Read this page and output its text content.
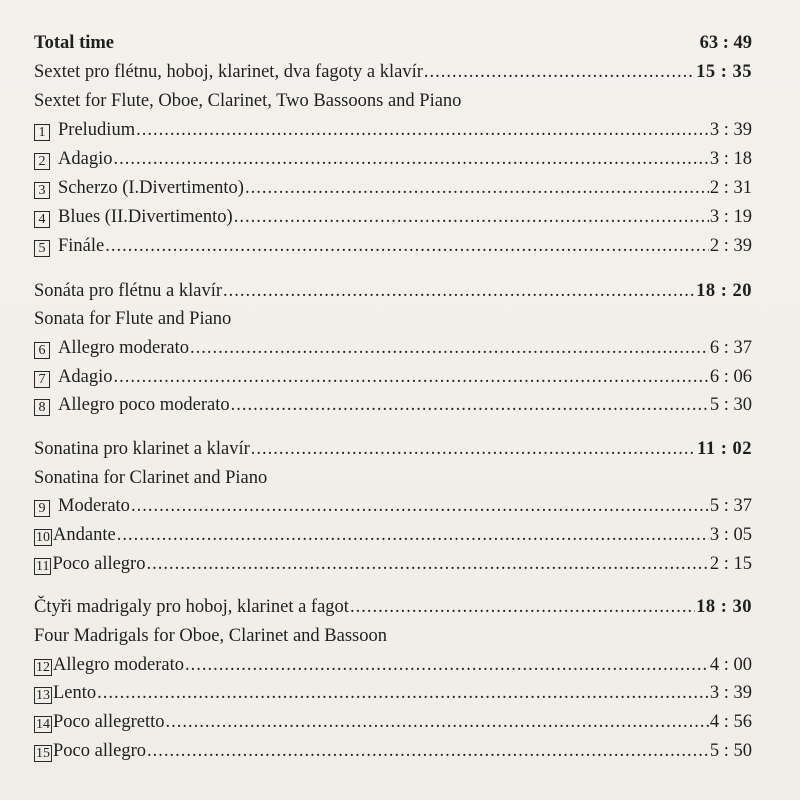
Total time	63 : 49
Sextet pro flétnu, hoboj, klarinet, dva fagoty a klavír .....	15 : 35
Sextet for Flute, Oboe, Clarinet, Two Bassoons and Piano
1 Preludium .....	3 : 39
2 Adagio .....	3 : 18
3 Scherzo (I.Divertimento) .....	2 : 31
4 Blues (II.Divertimento) .....	3 : 19
5 Finále .....	2 : 39
Sonáta pro flétnu a klavír .....	18 : 20
Sonata for Flute and Piano
6 Allegro moderato .....	6 : 37
7 Adagio .....	6 : 06
8 Allegro poco moderato .....	5 : 30
Sonatina pro klarinet a klavír .....	11 : 02
Sonatina for Clarinet and Piano
9 Moderato .....	5 : 37
10 Andante .....	3 : 05
11 Poco allegro .....	2 : 15
Čtyři madrigaly pro hoboj, klarinet a fagot .....	18 : 30
Four Madrigals for Oboe, Clarinet and Bassoon
12 Allegro moderato .....	4 : 00
13 Lento .....	3 : 39
14 Poco allegretto .....	4 : 56
15 Poco allegro .....	5 : 50
